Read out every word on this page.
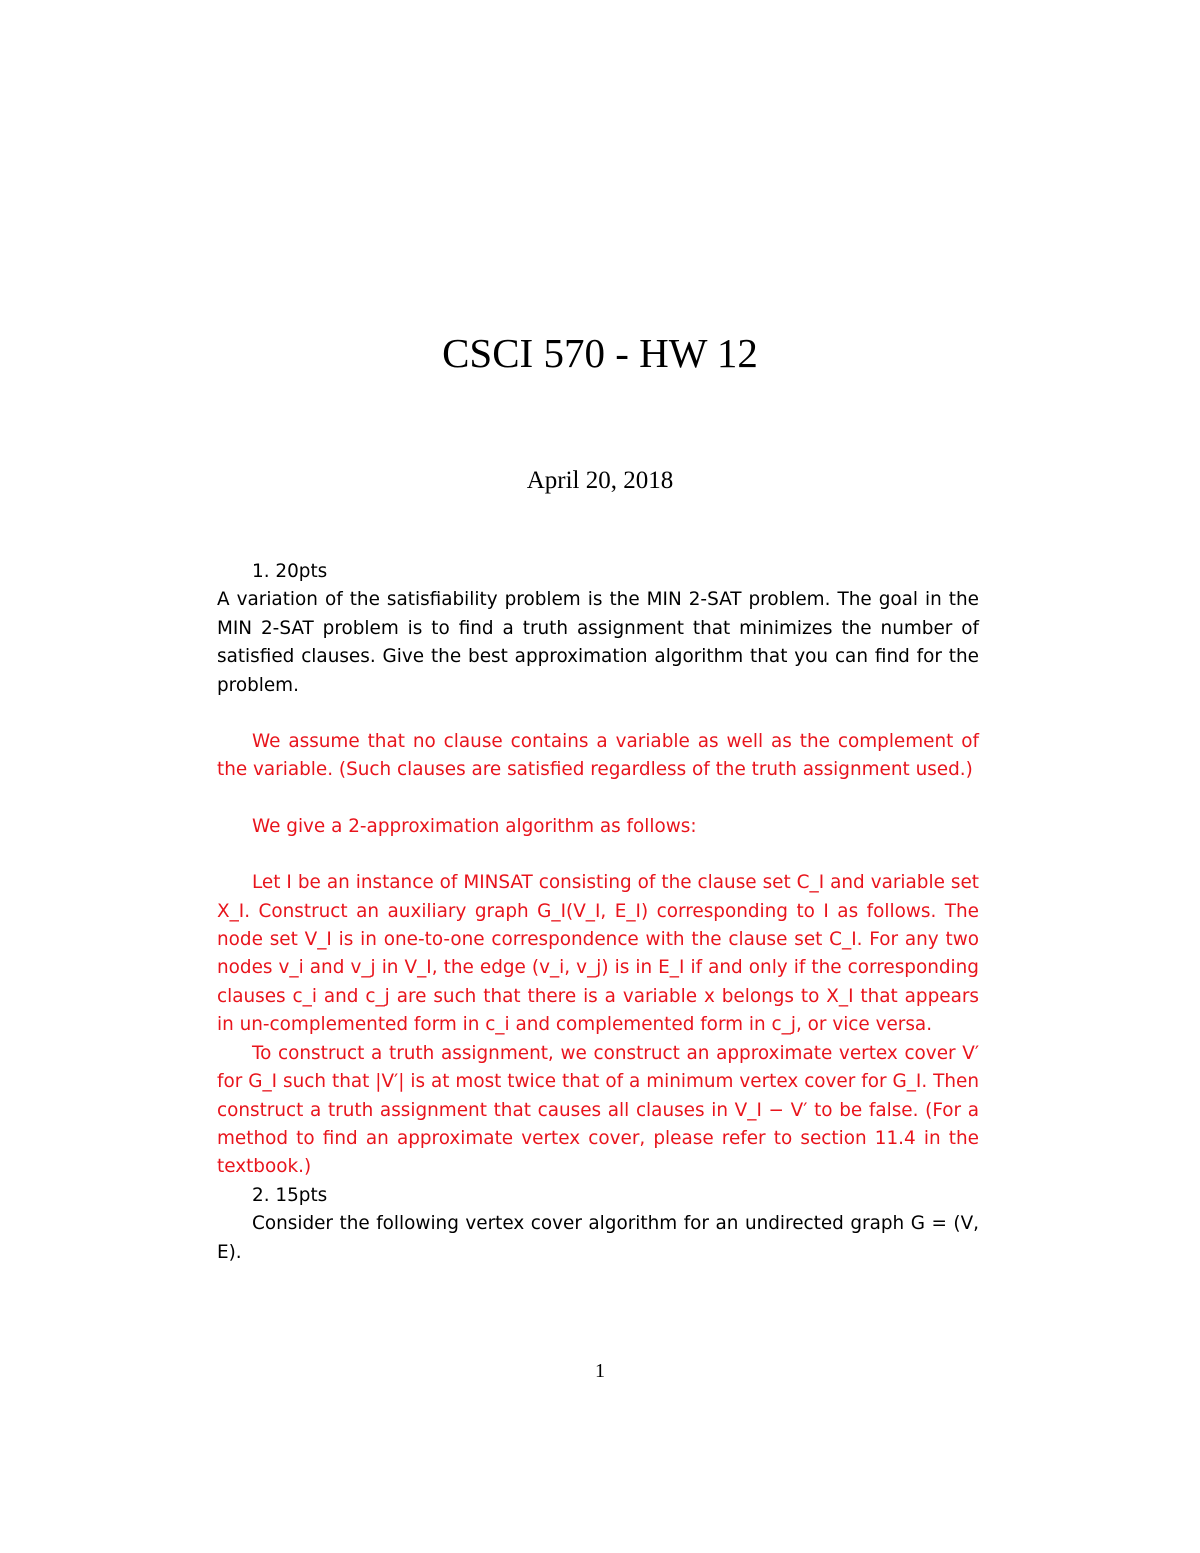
CSCI 570 - HW 12
April 20, 2018

1. 20pts

A variation of the satisfiability problem is the MIN 2-SAT problem. The goal in the MIN 2-SAT problem is to find a truth assignment that minimizes the number of satisfied clauses. Give the best approximation algorithm that you can find for the problem.

We assume that no clause contains a variable as well as the complement of the variable. (Such clauses are satisfied regardless of the truth assignment used.)

We give a 2-approximation algorithm as follows:

Let I be an instance of MINSAT consisting of the clause set C_I and variable set X_I. Construct an auxiliary graph G_I(V_I, E_I) corresponding to I as follows. The node set V_I is in one-to-one correspondence with the clause set C_I. For any two nodes v_i and v_j in V_I, the edge (v_i, v_j) is in E_I if and only if the corresponding clauses c_i and c_j are such that there is a variable x belongs to X_I that appears in un-complemented form in c_i and complemented form in c_j, or vice versa.

To construct a truth assignment, we construct an approximate vertex cover V′ for G_I such that |V′| is at most twice that of a minimum vertex cover for G_I. Then construct a truth assignment that causes all clauses in V_I − V′ to be false. (For a method to find an approximate vertex cover, please refer to section 11.4 in the textbook.)

2. 15pts

Consider the following vertex cover algorithm for an undirected graph G = (V, E).

1
